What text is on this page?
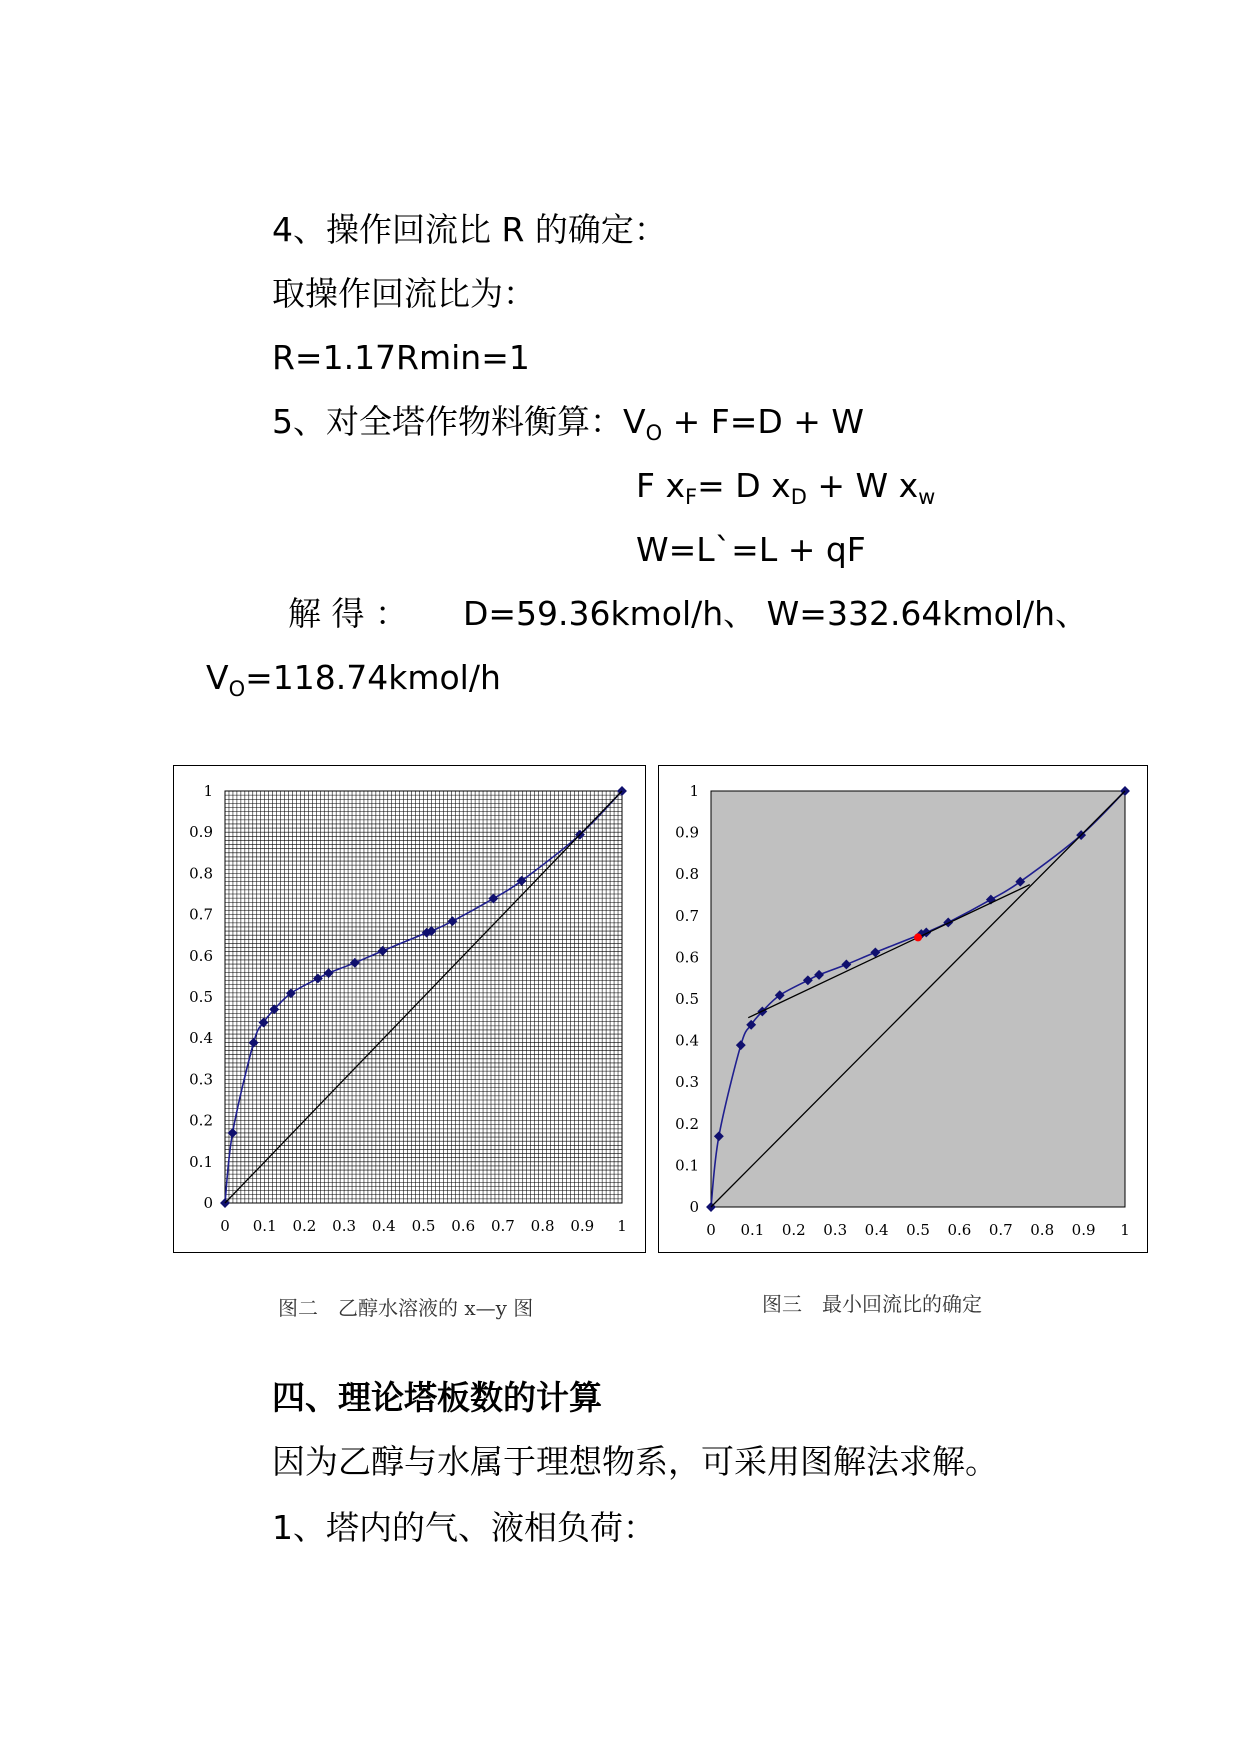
4、操作回流比 R 的确定：
取操作回流比为：
R=1.17Rmin=1
5、对全塔作物料衡算：$V_O + F=D + W$
F $x_F= D$ $x_D + W$ $x_w$
W=L`=L + qF
解 得 ： D=59.36kmol/h、 W=332.64kmol/h、
$V_O=118.74kmol/h$
0 0.1 0.2 0.3 0.4 0.5 0.6 0.7 0.8 0.9 1
0
0.1
0.2
0.3
0.4
0.5
0.6
0.7
0.8
0.9
1
0 0.1 0.2 0.3 0.4 0.5 0.6 0.7 0.8 0.9 1
0
0.1
0.2
0.3
0.4
0.5
0.6
0.7
0.8
0.9
1
图二　乙醇水溶液的 x—y 图	图三　最小回流比的确定
四、理论塔板数的计算
因为乙醇与水属于理想物系，可采用图解法求解。
1、塔内的气、液相负荷：
